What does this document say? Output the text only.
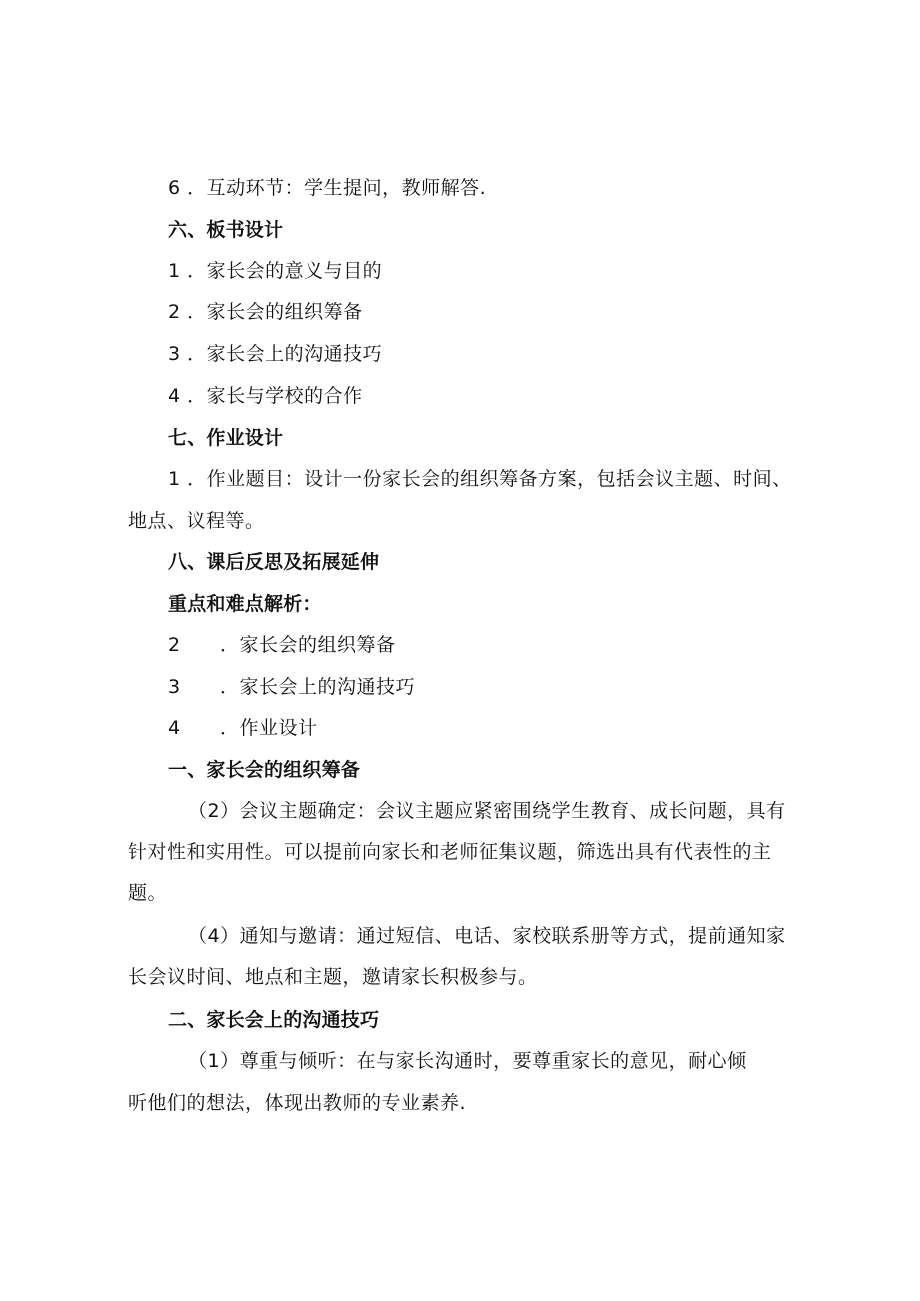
6 ．互动环节：学生提问，教师解答.
六、板书设计
1 ．家长会的意义与目的
2 ．家长会的组织筹备
3 ．家长会上的沟通技巧
4 ．家长与学校的合作
七、作业设计
1 ．作业题目：设计一份家长会的组织筹备方案，包括会议主题、时间、
地点、议程等。
八、课后反思及拓展延伸
重点和难点解析：
2 ．家长会的组织筹备
3 ．家长会上的沟通技巧
4 ．作业设计
一、家长会的组织筹备
（2）会议主题确定：会议主题应紧密围绕学生教育、成长问题，具有
针对性和实用性。可以提前向家长和老师征集议题，筛选出具有代表性的主
题。
（4）通知与邀请：通过短信、电话、家校联系册等方式，提前通知家
长会议时间、地点和主题，邀请家长积极参与。
二、家长会上的沟通技巧
（1）尊重与倾听：在与家长沟通时，要尊重家长的意见，耐心倾
听他们的想法，体现出教师的专业素养.
